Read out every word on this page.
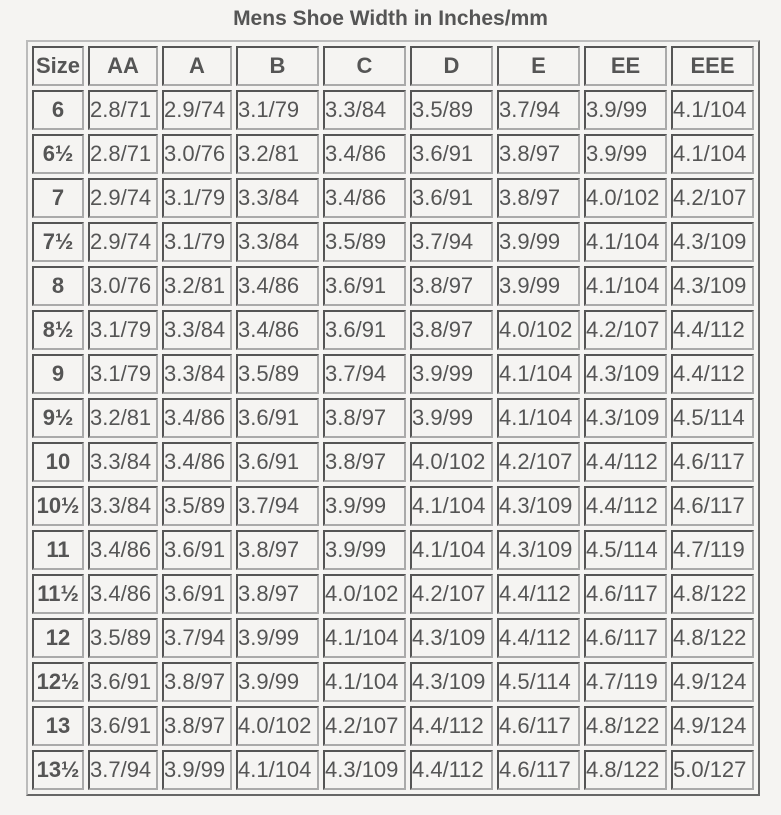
Mens Shoe Width in Inches/mm
Size	AA	A	B	C	D	E	EE	EEE
6	2.8/71	2.9/74	3.1/79	3.3/84	3.5/89	3.7/94	3.9/99	4.1/104
6½	2.8/71	3.0/76	3.2/81	3.4/86	3.6/91	3.8/97	3.9/99	4.1/104
7	2.9/74	3.1/79	3.3/84	3.4/86	3.6/91	3.8/97	4.0/102	4.2/107
7½	2.9/74	3.1/79	3.3/84	3.5/89	3.7/94	3.9/99	4.1/104	4.3/109
8	3.0/76	3.2/81	3.4/86	3.6/91	3.8/97	3.9/99	4.1/104	4.3/109
8½	3.1/79	3.3/84	3.4/86	3.6/91	3.8/97	4.0/102	4.2/107	4.4/112
9	3.1/79	3.3/84	3.5/89	3.7/94	3.9/99	4.1/104	4.3/109	4.4/112
9½	3.2/81	3.4/86	3.6/91	3.8/97	3.9/99	4.1/104	4.3/109	4.5/114
10	3.3/84	3.4/86	3.6/91	3.8/97	4.0/102	4.2/107	4.4/112	4.6/117
10½	3.3/84	3.5/89	3.7/94	3.9/99	4.1/104	4.3/109	4.4/112	4.6/117
11	3.4/86	3.6/91	3.8/97	3.9/99	4.1/104	4.3/109	4.5/114	4.7/119
11½	3.4/86	3.6/91	3.8/97	4.0/102	4.2/107	4.4/112	4.6/117	4.8/122
12	3.5/89	3.7/94	3.9/99	4.1/104	4.3/109	4.4/112	4.6/117	4.8/122
12½	3.6/91	3.8/97	3.9/99	4.1/104	4.3/109	4.5/114	4.7/119	4.9/124
13	3.6/91	3.8/97	4.0/102	4.2/107	4.4/112	4.6/117	4.8/122	4.9/124
13½	3.7/94	3.9/99	4.1/104	4.3/109	4.4/112	4.6/117	4.8/122	5.0/127
